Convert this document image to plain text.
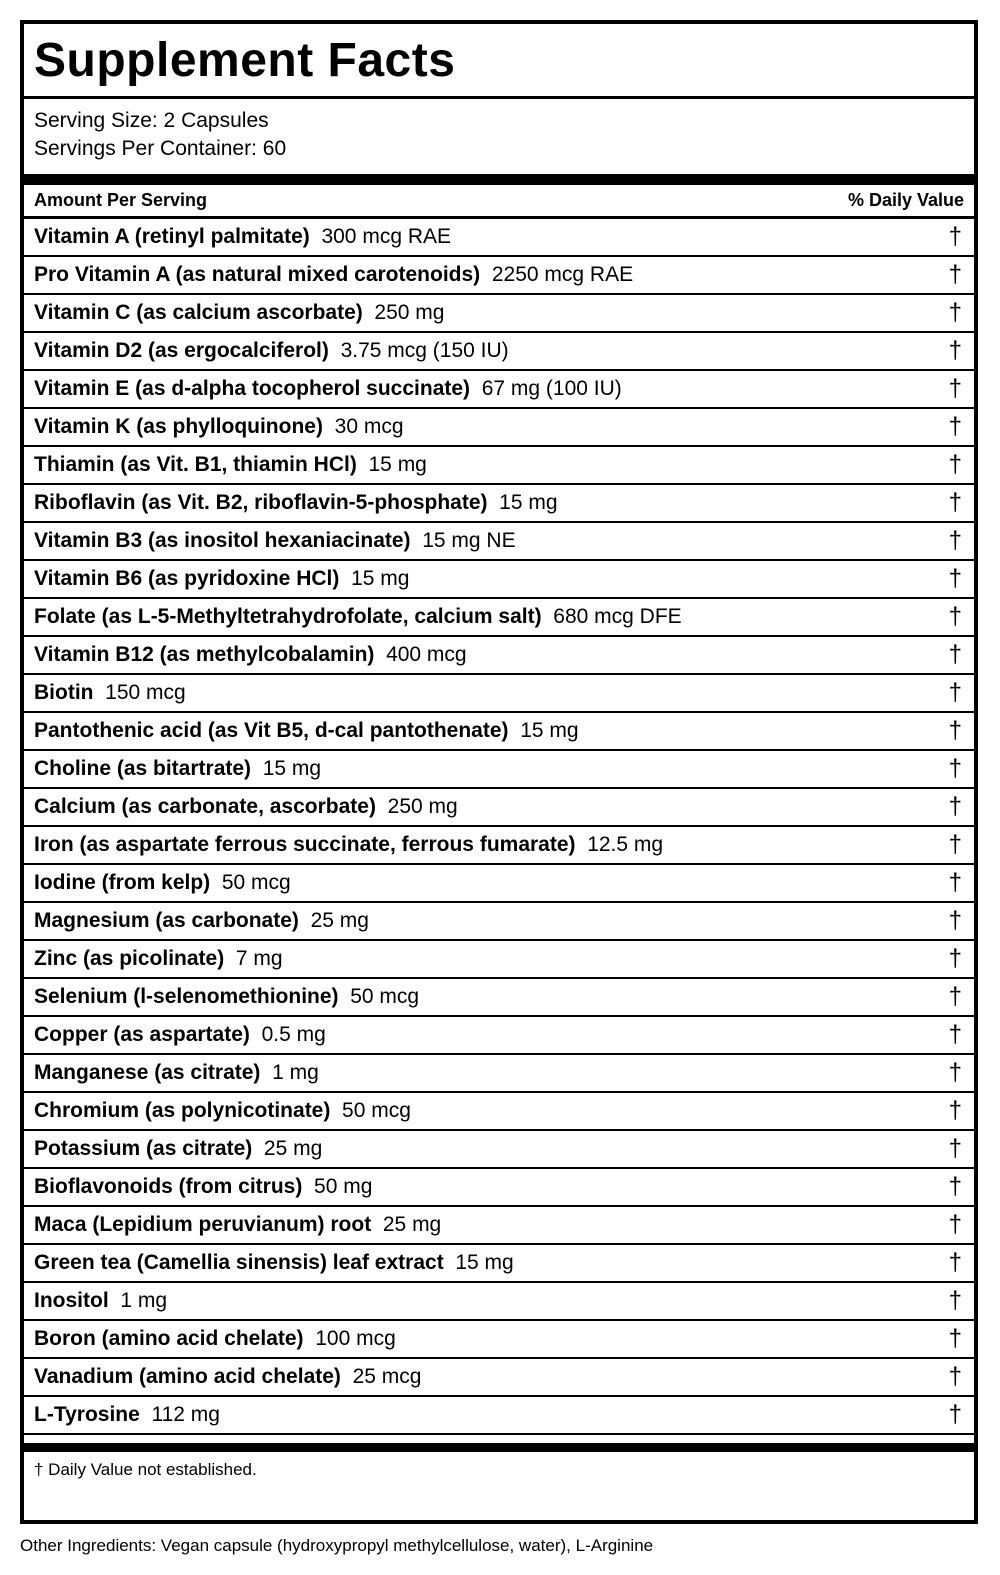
Supplement Facts
Serving Size: 2 Capsules
Servings Per Container: 60
Amount Per Serving	% Daily Value
Vitamin A (retinyl palmitate) 300 mcg RAE	†
Pro Vitamin A (as natural mixed carotenoids) 2250 mcg RAE	†
Vitamin C (as calcium ascorbate) 250 mg	†
Vitamin D2 (as ergocalciferol) 3.75 mcg (150 IU)	†
Vitamin E (as d-alpha tocopherol succinate) 67 mg (100 IU)	†
Vitamin K (as phylloquinone) 30 mcg	†
Thiamin (as Vit. B1, thiamin HCl) 15 mg	†
Riboflavin (as Vit. B2, riboflavin-5-phosphate) 15 mg	†
Vitamin B3 (as inositol hexaniacinate) 15 mg NE	†
Vitamin B6 (as pyridoxine HCl) 15 mg	†
Folate (as L-5-Methyltetrahydrofolate, calcium salt) 680 mcg DFE	†
Vitamin B12 (as methylcobalamin) 400 mcg	†
Biotin 150 mcg	†
Pantothenic acid (as Vit B5, d-cal pantothenate) 15 mg	†
Choline (as bitartrate) 15 mg	†
Calcium (as carbonate, ascorbate) 250 mg	†
Iron (as aspartate ferrous succinate, ferrous fumarate) 12.5 mg	†
Iodine (from kelp) 50 mcg	†
Magnesium (as carbonate) 25 mg	†
Zinc (as picolinate) 7 mg	†
Selenium (l-selenomethionine) 50 mcg	†
Copper (as aspartate) 0.5 mg	†
Manganese (as citrate) 1 mg	†
Chromium (as polynicotinate) 50 mcg	†
Potassium (as citrate) 25 mg	†
Bioflavonoids (from citrus) 50 mg	†
Maca (Lepidium peruvianum) root 25 mg	†
Green tea (Camellia sinensis) leaf extract 15 mg	†
Inositol 1 mg	†
Boron (amino acid chelate) 100 mcg	†
Vanadium (amino acid chelate) 25 mcg	†
L-Tyrosine 112 mg	†
† Daily Value not established.
Other Ingredients: Vegan capsule (hydroxypropyl methylcellulose, water), L-Arginine
